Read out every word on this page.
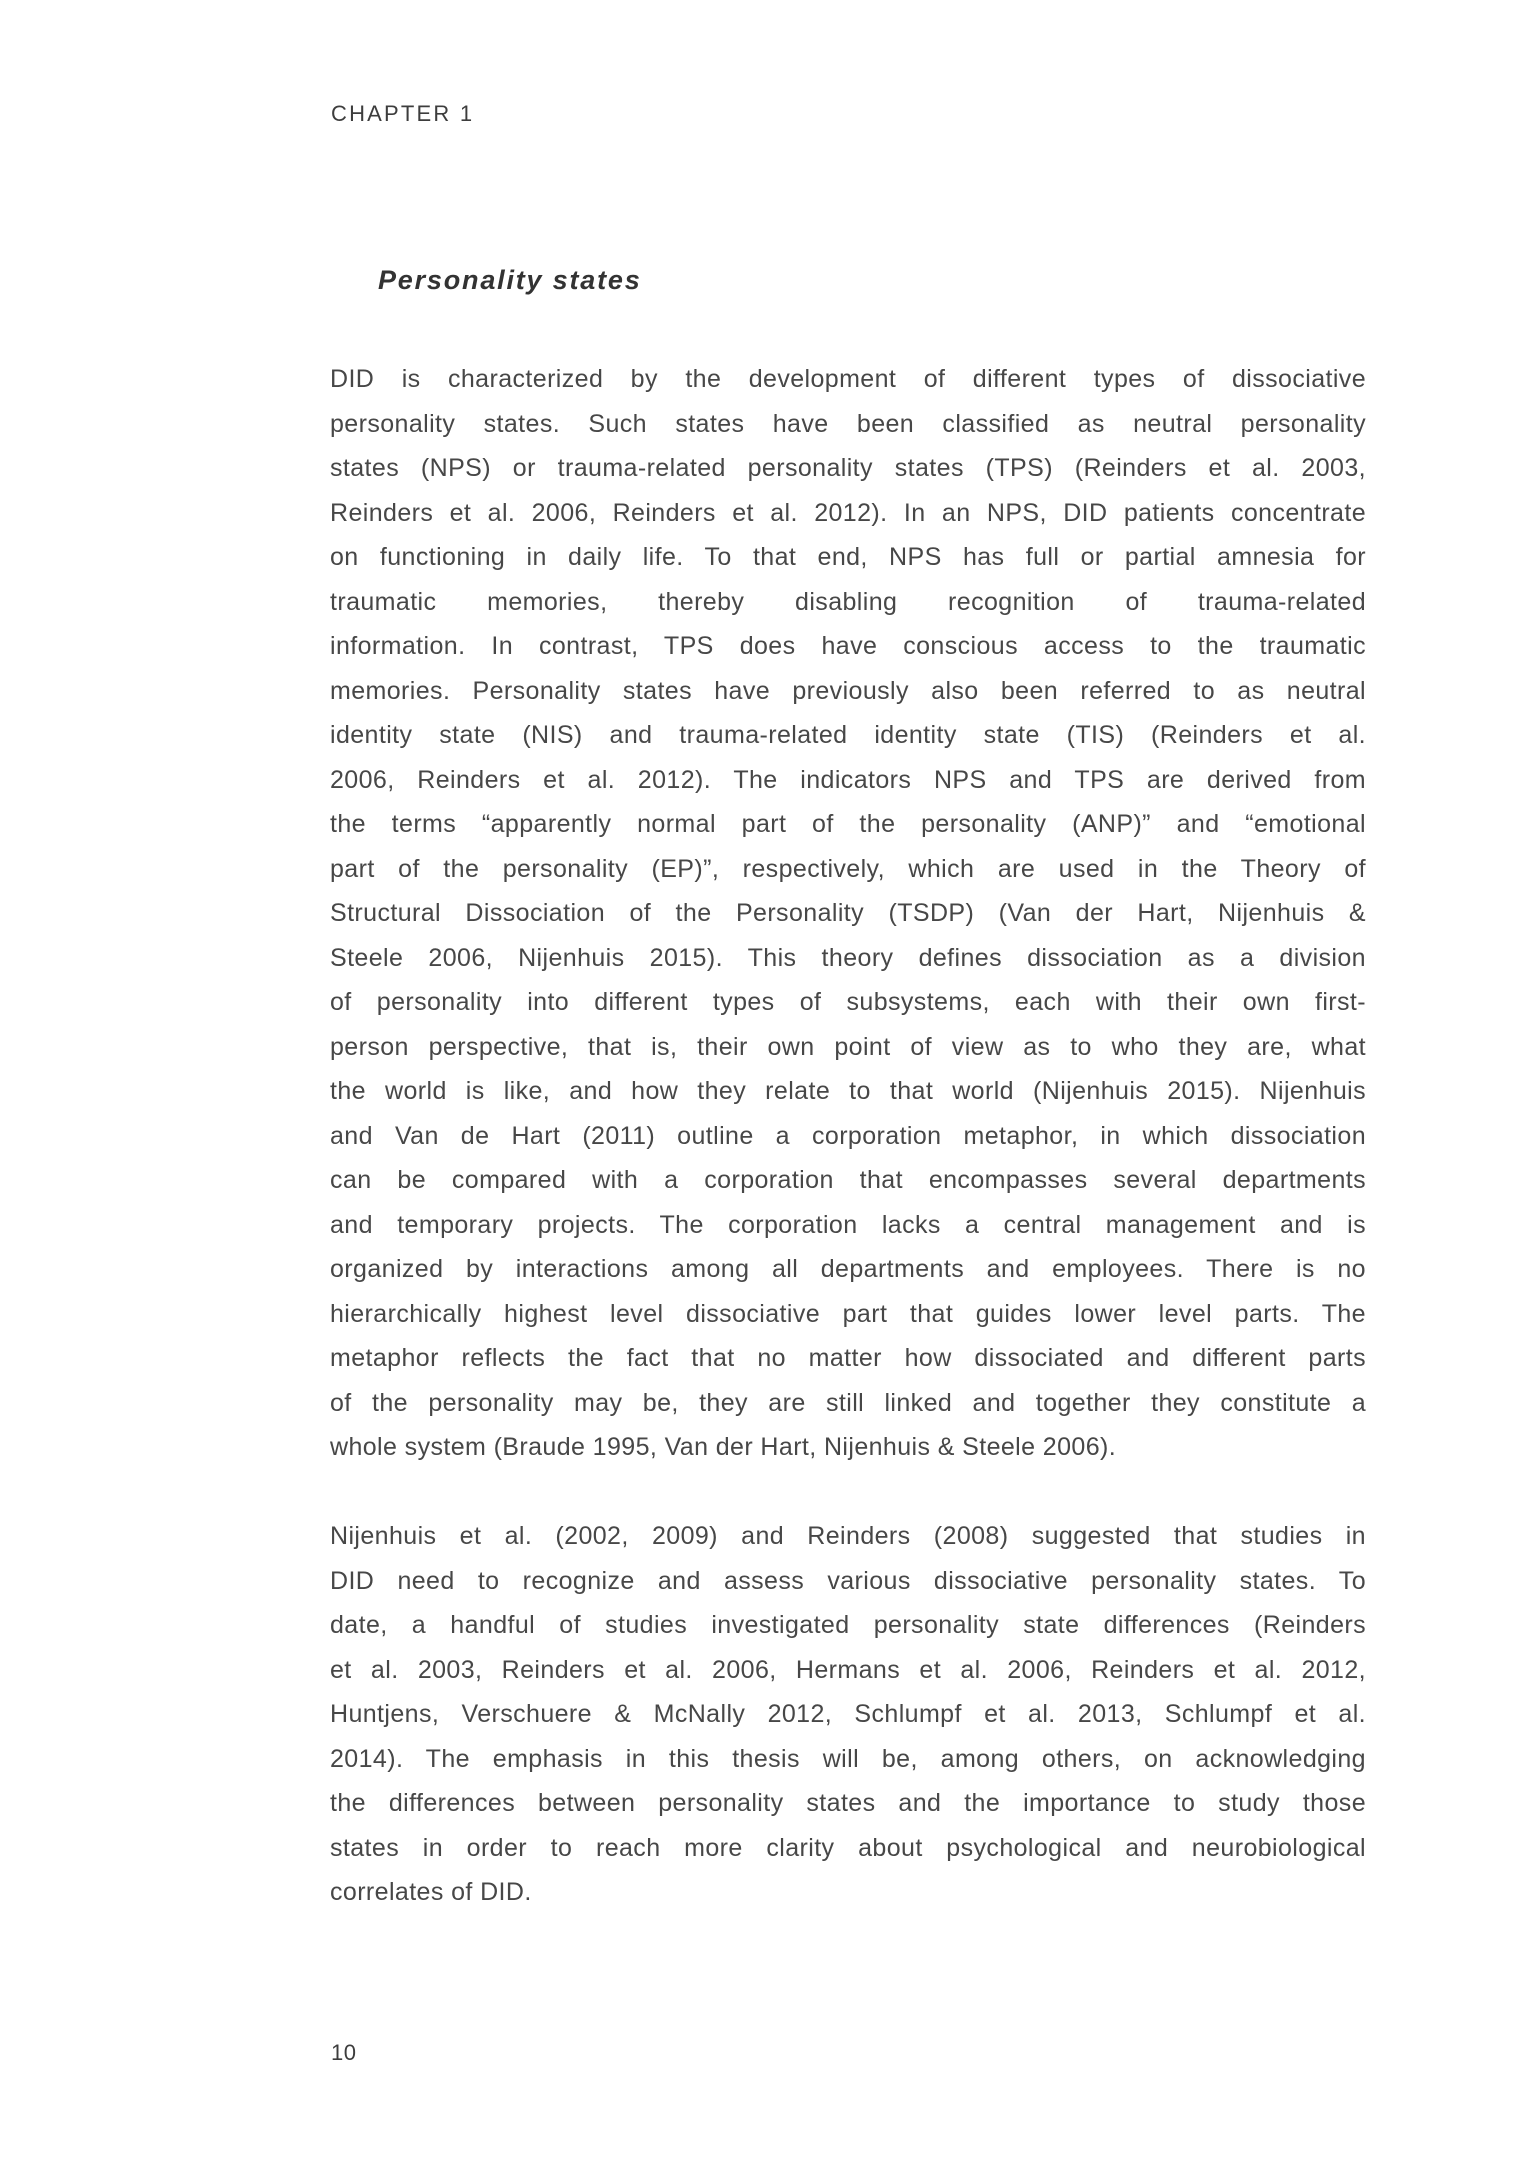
CHAPTER 1
Personality states
DID is characterized by the development of different types of dissociative
personality states. Such states have been classified as neutral personality
states (NPS) or trauma-related personality states (TPS) (Reinders et al. 2003,
Reinders et al. 2006, Reinders et al. 2012). In an NPS, DID patients concentrate
on functioning in daily life. To that end, NPS has full or partial amnesia for
traumatic memories, thereby disabling recognition of trauma-related
information. In contrast, TPS does have conscious access to the traumatic
memories. Personality states have previously also been referred to as neutral
identity state (NIS) and trauma-related identity state (TIS) (Reinders et al.
2006, Reinders et al. 2012). The indicators NPS and TPS are derived from
the terms “apparently normal part of the personality (ANP)” and “emotional
part of the personality (EP)”, respectively, which are used in the Theory of
Structural Dissociation of the Personality (TSDP) (Van der Hart, Nijenhuis &
Steele 2006, Nijenhuis 2015). This theory defines dissociation as a division
of personality into different types of subsystems, each with their own first-
person perspective, that is, their own point of view as to who they are, what
the world is like, and how they relate to that world (Nijenhuis 2015). Nijenhuis
and Van de Hart (2011) outline a corporation metaphor, in which dissociation
can be compared with a corporation that encompasses several departments
and temporary projects. The corporation lacks a central management and is
organized by interactions among all departments and employees. There is no
hierarchically highest level dissociative part that guides lower level parts. The
metaphor reflects the fact that no matter how dissociated and different parts
of the personality may be, they are still linked and together they constitute a
whole system (Braude 1995, Van der Hart, Nijenhuis & Steele 2006).
Nijenhuis et al. (2002, 2009) and Reinders (2008) suggested that studies in
DID need to recognize and assess various dissociative personality states. To
date, a handful of studies investigated personality state differences (Reinders
et al. 2003, Reinders et al. 2006, Hermans et al. 2006, Reinders et al. 2012,
Huntjens, Verschuere & McNally 2012, Schlumpf et al. 2013, Schlumpf et al.
2014). The emphasis in this thesis will be, among others, on acknowledging
the differences between personality states and the importance to study those
states in order to reach more clarity about psychological and neurobiological
correlates of DID.
10
